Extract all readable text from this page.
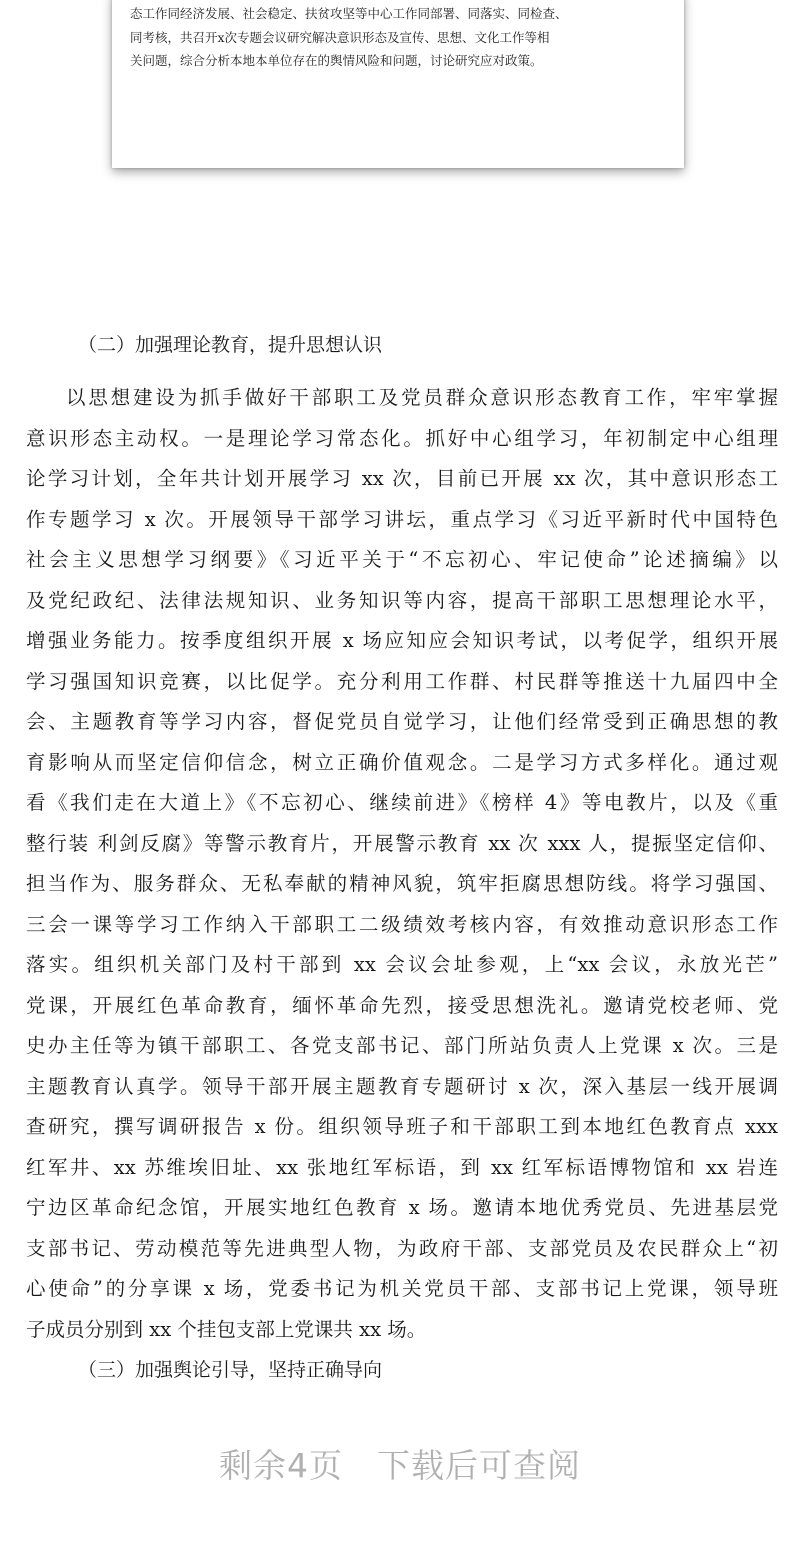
态工作同经济发展、社会稳定、扶贫攻坚等中心工作同部署、同落实、同检查、
同考核，共召开x次专题会议研究解决意识形态及宣传、思想、文化工作等相
关问题，综合分析本地本单位存在的舆情风险和问题，讨论研究应对政策。

（二）加强理论教育，提升思想认识
以思想建设为抓手做好干部职工及党员群众意识形态教育工作，牢牢掌握
意识形态主动权。一是理论学习常态化。抓好中心组学习，年初制定中心组理
论学习计划，全年共计划开展学习 xx 次，目前已开展 xx 次，其中意识形态工
作专题学习 x 次。开展领导干部学习讲坛，重点学习《习近平新时代中国特色
社会主义思想学习纲要》《习近平关于“不忘初心、牢记使命”论述摘编》以
及党纪政纪、法律法规知识、业务知识等内容，提高干部职工思想理论水平，
增强业务能力。按季度组织开展 x 场应知应会知识考试，以考促学，组织开展
学习强国知识竞赛，以比促学。充分利用工作群、村民群等推送十九届四中全
会、主题教育等学习内容，督促党员自觉学习，让他们经常受到正确思想的教
育影响从而坚定信仰信念，树立正确价值观念。二是学习方式多样化。通过观
看《我们走在大道上》《不忘初心、继续前进》《榜样 4》等电教片，以及《重
整行装 利剑反腐》等警示教育片，开展警示教育 xx 次 xxx 人，提振坚定信仰、
担当作为、服务群众、无私奉献的精神风貌，筑牢拒腐思想防线。将学习强国、
三会一课等学习工作纳入干部职工二级绩效考核内容，有效推动意识形态工作
落实。组织机关部门及村干部到 xx 会议会址参观，上“xx 会议，永放光芒”
党课，开展红色革命教育，缅怀革命先烈，接受思想洗礼。邀请党校老师、党
史办主任等为镇干部职工、各党支部书记、部门所站负责人上党课 x 次。三是
主题教育认真学。领导干部开展主题教育专题研讨 x 次，深入基层一线开展调
查研究，撰写调研报告 x 份。组织领导班子和干部职工到本地红色教育点 xxx
红军井、xx 苏维埃旧址、xx 张地红军标语，到 xx 红军标语博物馆和 xx 岩连
宁边区革命纪念馆，开展实地红色教育 x 场。邀请本地优秀党员、先进基层党
支部书记、劳动模范等先进典型人物，为政府干部、支部党员及农民群众上“初
心使命”的分享课 x 场，党委书记为机关党员干部、支部书记上党课，领导班
子成员分别到 xx 个挂包支部上党课共 xx 场。
（三）加强舆论引导，坚持正确导向
剩余4页 下载后可查阅
